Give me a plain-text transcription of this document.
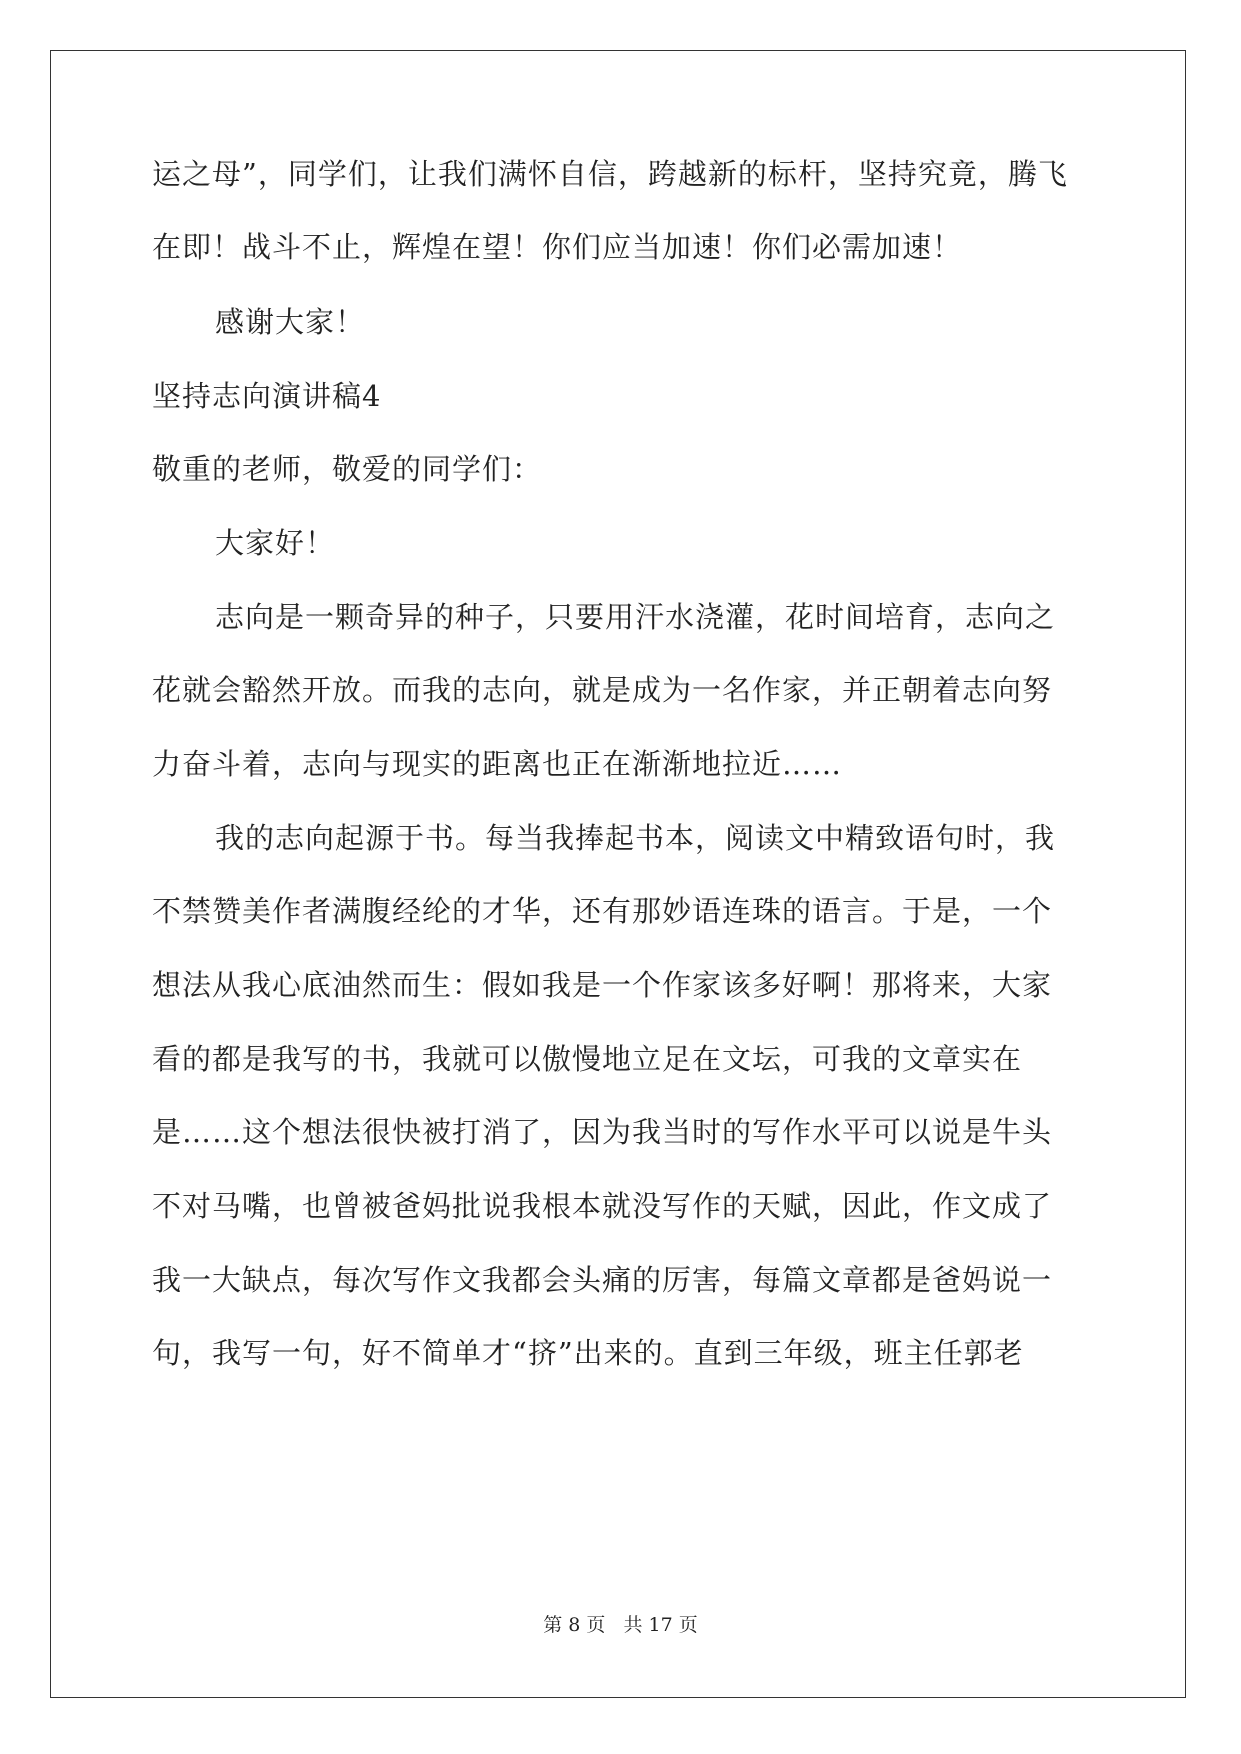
运之母”，同学们，让我们满怀自信，跨越新的标杆，坚持究竟，腾飞
在即！战斗不止，辉煌在望！你们应当加速！你们必需加速！
感谢大家！
坚持志向演讲稿4
敬重的老师，敬爱的同学们：
大家好！
志向是一颗奇异的种子，只要用汗水浇灌，花时间培育，志向之
花就会豁然开放。而我的志向，就是成为一名作家，并正朝着志向努
力奋斗着，志向与现实的距离也正在渐渐地拉近……
我的志向起源于书。每当我捧起书本，阅读文中精致语句时，我
不禁赞美作者满腹经纶的才华，还有那妙语连珠的语言。于是，一个
想法从我心底油然而生：假如我是一个作家该多好啊！那将来，大家
看的都是我写的书，我就可以傲慢地立足在文坛，可我的文章实在
是……这个想法很快被打消了，因为我当时的写作水平可以说是牛头
不对马嘴，也曾被爸妈批说我根本就没写作的天赋，因此，作文成了
我一大缺点，每次写作文我都会头痛的厉害，每篇文章都是爸妈说一
句，我写一句，好不简单才“挤”出来的。直到三年级，班主任郭老
第 8 页 共 17 页
